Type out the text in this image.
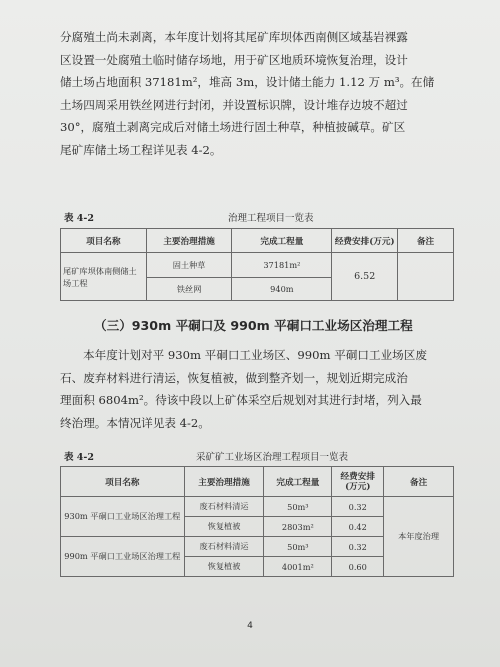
分腐殖土尚未剥离，本年度计划将其尾矿库坝体西南侧区域基岩裸露
区设置一处腐殖土临时储存场地，用于矿区地质环境恢复治理，设计
储土场占地面积 37181m²，堆高 3m，设计储土能力 1.12 万 m³。在储
土场四周采用铁丝网进行封闭，并设置标识牌，设计堆存边坡不超过
30°，腐殖土剥离完成后对储土场进行固土种草，种植披碱草。矿区
尾矿库储土场工程详见表 4-2。
表 4-2	治理工程项目一览表
项目名称	主要治理措施	完成工程量	经费安排(万元)	备注
尾矿库坝体南侧储土场工程	固土种草	37181m²	6.52	
	铁丝网	940m		
（三）930m 平硐口及 990m 平硐口工业场区治理工程
本年度计划对平 930m 平硐口工业场区、990m 平硐口工业场区废
石、废弃材料进行清运，恢复植被，做到整齐划一，规划近期完成治
理面积 6804m²。待该中段以上矿体采空后规划对其进行封堵，列入最
终治理。本情况详见表 4-2。
表 4-2	采矿矿工业场区治理工程项目一览表
项目名称	主要治理措施	完成工程量	经费安排(万元)	备注
930m 平硐口工业场区治理工程	废石材料清运	50m³	0.32	本年度治理
	恢复植被	2803m²	0.42	
990m 平硐口工业场区治理工程	废石材料清运	50m³	0.32	
	恢复植被	4001m²	0.60	
4
